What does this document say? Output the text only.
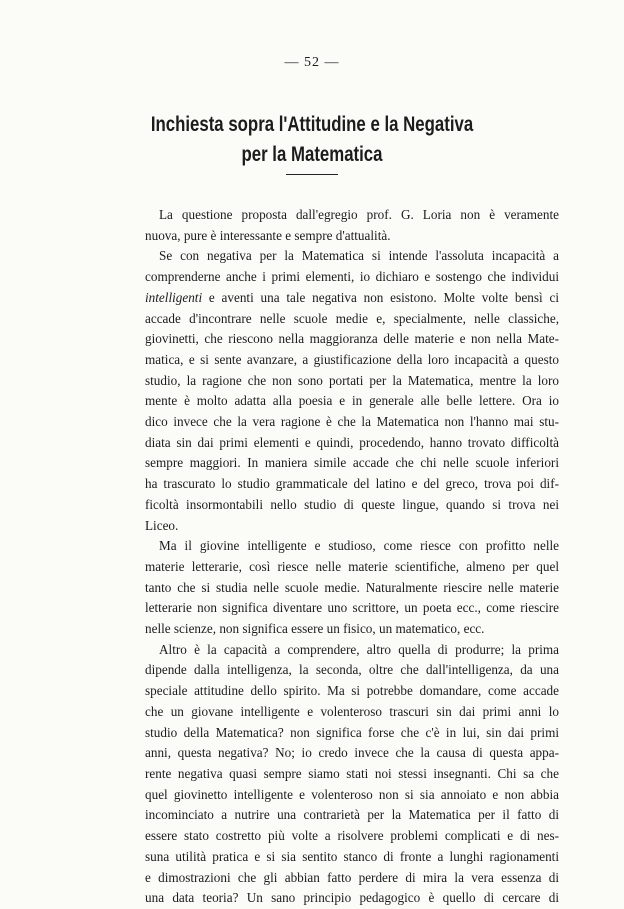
— 52 —
Inchiesta sopra l'Attitudine e la Negativa
per la Matematica
La questione proposta dall'egregio prof. G. Loria non è veramente
nuova, pure è interessante e sempre d'attualità.
Se con negativa per la Matematica si intende l'assoluta incapacità a
comprenderne anche i primi elementi, io dichiaro e sostengo che individui
intelligenti e aventi una tale negativa non esistono. Molte volte bensì ci
accade d'incontrare nelle scuole medie e, specialmente, nelle classiche,
giovinetti, che riescono nella maggioranza delle materie e non nella Mate-
matica, e si sente avanzare, a giustificazione della loro incapacità a questo
studio, la ragione che non sono portati per la Matematica, mentre la loro
mente è molto adatta alla poesia e in generale alle belle lettere. Ora io
dico invece che la vera ragione è che la Matematica non l'hanno mai stu-
diata sin dai primi elementi e quindi, procedendo, hanno trovato difficoltà
sempre maggiori. In maniera simile accade che chi nelle scuole inferiori
ha trascurato lo studio grammaticale del latino e del greco, trova poi dif-
ficoltà insormontabili nello studio di queste lingue, quando si trova nei
Liceo.
Ma il giovine intelligente e studioso, come riesce con profitto nelle
materie letterarie, così riesce nelle materie scientifiche, almeno per quel
tanto che si studia nelle scuole medie. Naturalmente riescire nelle materie
letterarie non significa diventare uno scrittore, un poeta ecc., come riescire
nelle scienze, non significa essere un fisico, un matematico, ecc.
Altro è la capacità a comprendere, altro quella di produrre; la prima
dipende dalla intelligenza, la seconda, oltre che dall'intelligenza, da una
speciale attitudine dello spirito. Ma si potrebbe domandare, come accade
che un giovane intelligente e volenteroso trascuri sin dai primi anni lo
studio della Matematica? non significa forse che c'è in lui, sin dai primi
anni, questa negativa? No; io credo invece che la causa di questa appa-
rente negativa quasi sempre siamo stati noi stessi insegnanti. Chi sa che
quel giovinetto intelligente e volenteroso non si sia annoiato e non abbia
incominciato a nutrire una contrarietà per la Matematica per il fatto di
essere stato costretto più volte a risolvere problemi complicati e di nes-
suna utilità pratica e si sia sentito stanco di fronte a lunghi ragionamenti
e dimostrazioni che gli abbian fatto perdere di mira la vera essenza di
una data teoria? Un sano principio pedagogico è quello di cercare di
